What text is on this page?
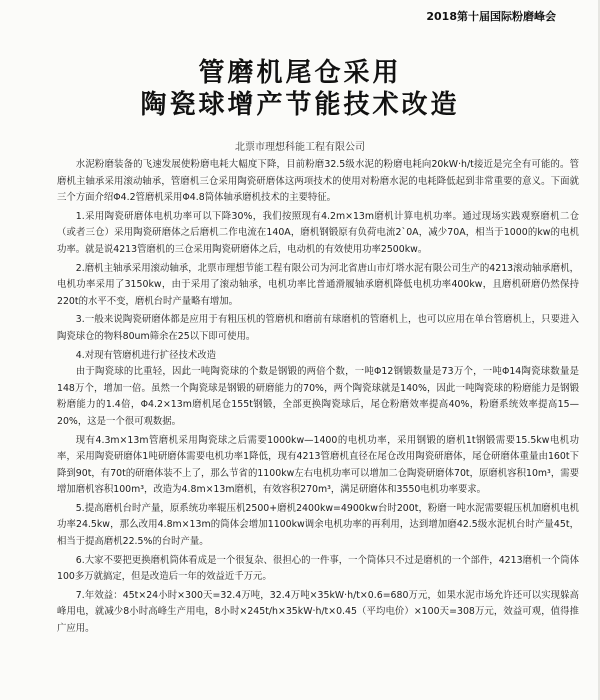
2018第十届国际粉磨峰会
管磨机尾仓采用
陶瓷球增产节能技术改造
北票市理想科能工程有限公司

水泥粉磨装备的飞速发展使粉磨电耗大幅度下降，目前粉磨32.5级水泥的粉磨电耗向20kW·h/t接近是完全有可能的。管磨机主轴承采用滚动轴承，管磨机三仓采用陶瓷研磨体这两项技术的使用对粉磨水泥的电耗降低起到非常重要的意义。下面就三个方面介绍Φ4.2管磨机采用Φ4.8筒体轴承磨机技术的主要特征。

1.采用陶瓷研磨体电机功率可以下降30%，我们按照现有4.2m×13m磨机计算电机功率。通过现场实践观察磨机二仓（或者三仓）采用陶瓷研磨体之后磨机二作电流在140A，磨机钢锻原有负荷电流2`0A，减少70A，相当于1000的kw的电机功率。就是说4213管磨机的三仓采用陶瓷研磨体之后，电动机的有效使用功率2500kw。

2.磨机主轴承采用滚动轴承，北票市理想节能工程有限公司为河北省唐山市灯塔水泥有限公司生产的4213滚动轴承磨机，电机功率采用了3150kw，由于采用了滚动轴承，电机功率比普通滑履轴承磨机降低电机功率400kw，且磨机研磨仍然保持220t的水平不变，磨机台时产量略有增加。

3.一般来说陶瓷研磨体都是应用于有粗压机的管磨机和磨前有球磨机的管磨机上，也可以应用在单台管磨机上，只要进入陶瓷球仓的物料80um筛余在25以下即可使用。

4.对现有管磨机进行扩径技术改造

由于陶瓷球的比重轻，因此一吨陶瓷球的个数是钢锻的两倍个数，一吨Φ12钢锻数量是73万个，一吨Φ14陶瓷球数量是148万个，增加一倍。虽然一个陶瓷球是钢锻的研磨能力的70%，两个陶瓷球就是140%，因此一吨陶瓷球的粉磨能力是钢锻粉磨能力的1.4倍，Φ4.2×13m磨机尾仓155t钢锻，全部更换陶瓷球后，尾仓粉磨效率提高40%，粉磨系统效率提高15—20%，这是一个很可观数据。

现有4.3m×13m管磨机采用陶瓷球之后需要1000kw—1400的电机功率，采用钢锻的磨机1t钢锻需要15.5kw电机功率，采用陶瓷研磨体1吨研磨体需要电机功率1降低，现有4213管磨机直径在尾仓改用陶瓷研磨体，尾仓研磨体重量由160t下降到90t，有70t的研磨体装不上了，那么节省的1100kw左右电机功率可以增加二仓陶瓷研磨体70t，原磨机容积10m³，需要增加磨机容积100m³，改造为4.8m×13m磨机，有效容积270m³，满足研磨体和3550电机功率要求。

5.提高磨机台时产量，原系统功率辊压机2500+磨机2400kw=4900kw台时200t，粉磨一吨水泥需要辊压机加磨机电机功率24.5kw，那么改用4.8m×13m的筒体会增加1100kw调余电机功率的再利用，达到增加磨42.5级水泥机台时产量45t，相当于提高磨机22.5%的台时产量。

6.大家不要把更换磨机筒体看成是一个很复杂、很担心的一件事，一个筒体只不过是磨机的一个部件，4213磨机一个筒体100多万就搞定，但是改造后一年的效益近千万元。

7.年效益：45t×24小时×300天=32.4万吨，32.4万吨×35kW·h/t×0.6=680万元，如果水泥市场允许还可以实现躲高峰用电，就减少8小时高峰生产用电，8小时×245t/h×35kW·h/t×0.45（平均电价）×100天=308万元，效益可观，值得推广应用。
